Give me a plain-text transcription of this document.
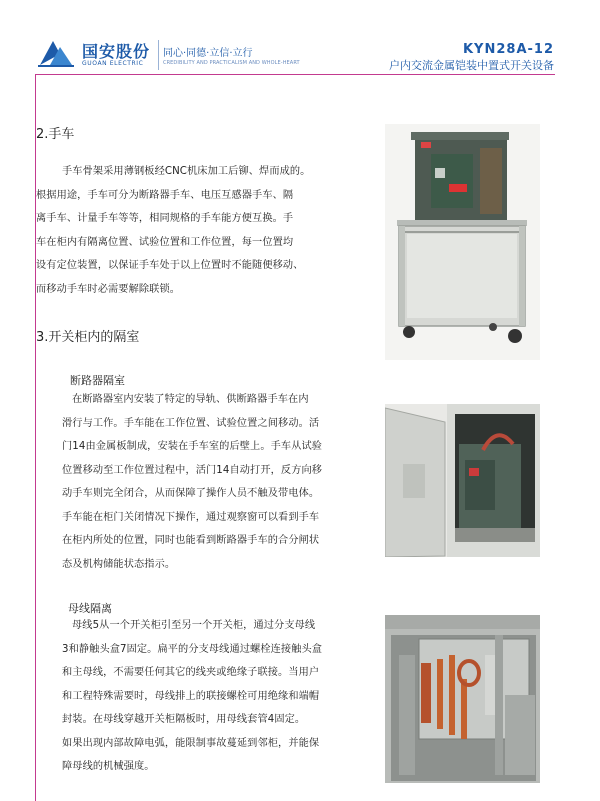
国安股份
GUOAN ELECTRIC
同心·同德·立信·立行
CREDIBILITY AND PRACTICALISM AND WHOLE-HEART
KYN28A-12
户内交流金属铠装中置式开关设备
2.手车

手车骨架采用薄钢板经CNC机床加工后铆、焊而成的。

根据用途，手车可分为断路器手车、电压互感器手车、隔

离手车、计量手车等等，相同规格的手车能方便互换。手

车在柜内有隔离位置、试验位置和工作位置，每一位置均

设有定位装置，以保证手车处于以上位置时不能随便移动、

而移动手车时必需要解除联锁。

3.开关柜内的隔室
断路器隔室

在断路器室内安装了特定的导轨、供断路器手车在内

滑行与工作。手车能在工作位置、试验位置之间移动。活

门14由金属板制成，安装在手车室的后壁上。手车从试验

位置移动至工作位置过程中，活门14自动打开，反方向移

动手车则完全闭合，从而保障了操作人员不触及带电体。

手车能在柜门关闭情况下操作，通过观察窗可以看到手车

在柜内所处的位置，同时也能看到断路器手车的合分闸状

态及机构储能状态指示。

母线隔离

母线5从一个开关柜引至另一个开关柜，通过分支母线

3和静触头盒7固定。扁平的分支母线通过螺栓连接触头盒

和主母线，不需要任何其它的线夹或绝缘子联接。当用户

和工程特殊需要时，母线排上的联接螺栓可用绝缘和端帽

封装。在母线穿越开关柜隔板时，用母线套管4固定。

如果出现内部故障电弧，能限制事故蔓延到邻柜，并能保

障母线的机械强度。
